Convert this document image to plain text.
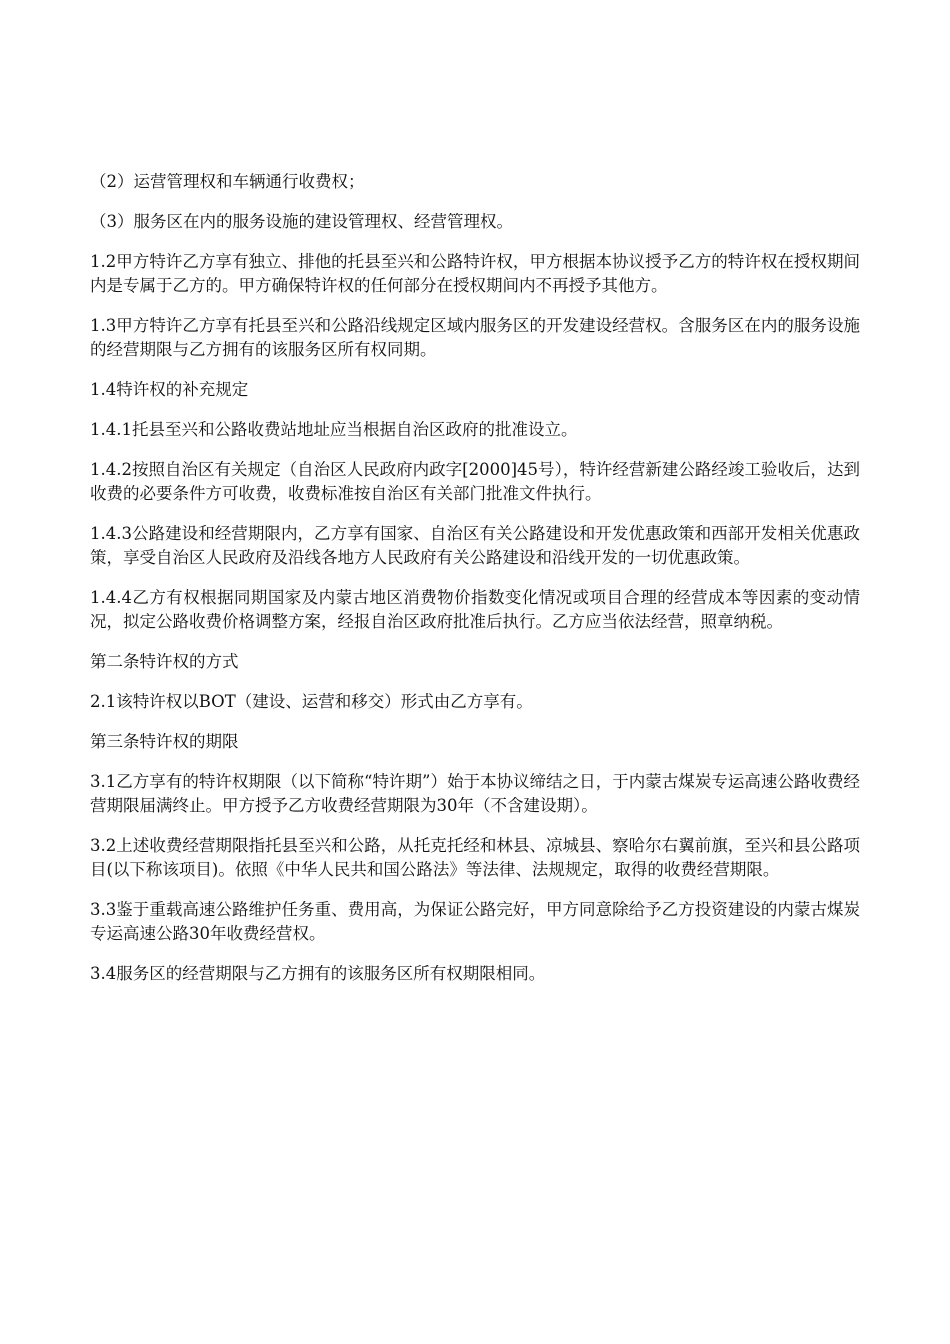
（2）运营管理权和车辆通行收费权；

（3）服务区在内的服务设施的建设管理权、经营管理权。

1.2甲方特许乙方享有独立、排他的托县至兴和公路特许权，甲方根据本协议授予乙方的特许权在授权期间内是专属于乙方的。甲方确保特许权的任何部分在授权期间内不再授予其他方。

1.3甲方特许乙方享有托县至兴和公路沿线规定区域内服务区的开发建设经营权。含服务区在内的服务设施的经营期限与乙方拥有的该服务区所有权同期。

1.4特许权的补充规定

1.4.1托县至兴和公路收费站地址应当根据自治区政府的批准设立。

1.4.2按照自治区有关规定（自治区人民政府内政字[2000]45号），特许经营新建公路经竣工验收后，达到收费的必要条件方可收费，收费标准按自治区有关部门批准文件执行。

1.4.3公路建设和经营期限内，乙方享有国家、自治区有关公路建设和开发优惠政策和西部开发相关优惠政策，享受自治区人民政府及沿线各地方人民政府有关公路建设和沿线开发的一切优惠政策。

1.4.4乙方有权根据同期国家及内蒙古地区消费物价指数变化情况或项目合理的经营成本等因素的变动情况，拟定公路收费价格调整方案，经报自治区政府批准后执行。乙方应当依法经营，照章纳税。

第二条特许权的方式

2.1该特许权以BOT（建设、运营和移交）形式由乙方享有。

第三条特许权的期限

3.1乙方享有的特许权期限（以下简称“特许期”）始于本协议缔结之日，于内蒙古煤炭专运高速公路收费经营期限届满终止。甲方授予乙方收费经营期限为30年（不含建设期）。

3.2上述收费经营期限指托县至兴和公路，从托克托经和林县、凉城县、察哈尔右翼前旗，至兴和县公路项目(以下称该项目)。依照《中华人民共和国公路法》等法律、法规规定，取得的收费经营期限。

3.3鉴于重载高速公路维护任务重、费用高，为保证公路完好，甲方同意除给予乙方投资建设的内蒙古煤炭专运高速公路30年收费经营权。

3.4服务区的经营期限与乙方拥有的该服务区所有权期限相同。
